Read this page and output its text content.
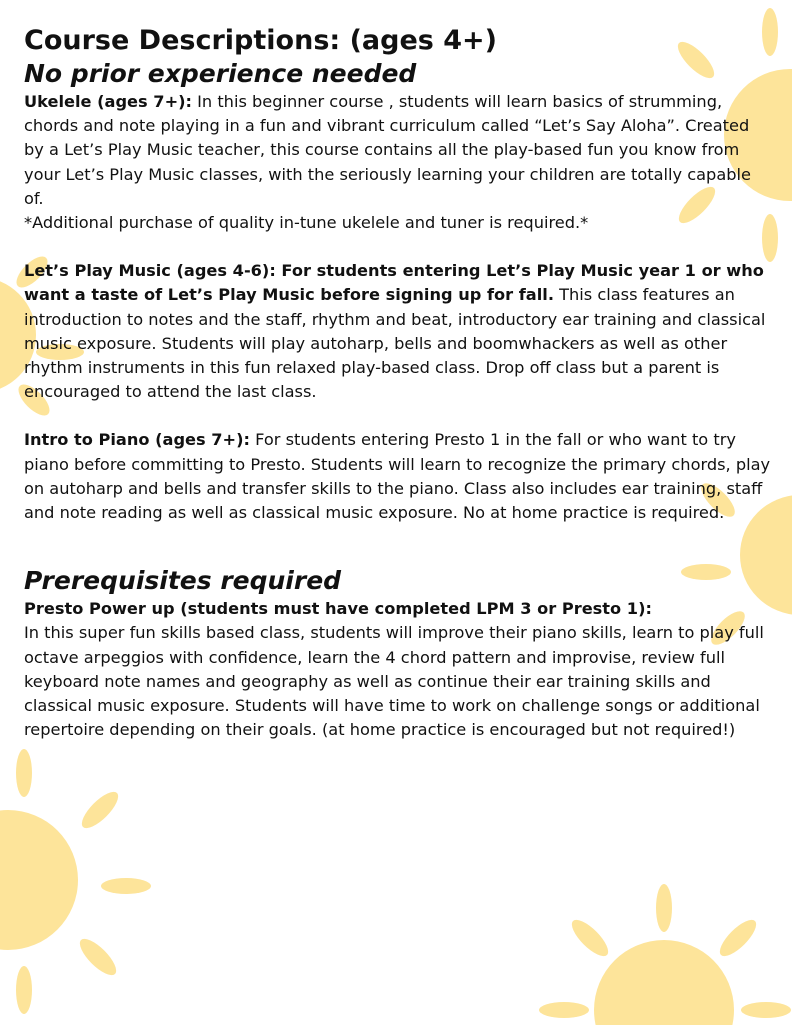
Course Descriptions: (ages 4+)
No prior experience needed

Ukelele (ages 7+): In this beginner course , students will learn basics of strumming, chords and note playing in a fun and vibrant curriculum called “Let’s Say Aloha”. Created by a Let’s Play Music teacher, this course contains all the play-based fun you know from your Let’s Play Music classes, with the seriously learning your children are totally capable of.

*Additional purchase of quality in-tune ukelele and tuner is required.*

Let’s Play Music (ages 4-6): For students entering Let’s Play Music year 1 or who want a taste of Let’s Play Music before signing up for fall. This class features an introduction to notes and the staff, rhythm and beat, introductory ear training and classical music exposure. Students will play autoharp, bells and boomwhackers as well as other rhythm instruments in this fun relaxed play-based class. Drop off class but a parent is encouraged to attend the last class.

Intro to Piano (ages 7+): For students entering Presto 1 in the fall or who want to try piano before committing to Presto. Students will learn to recognize the primary chords, play on autoharp and bells and transfer skills to the piano. Class also includes ear training, staff and note reading as well as classical music exposure. No at home practice is required.

Prerequisites required

Presto Power up (students must have completed LPM 3 or Presto 1):

In this super fun skills based class, students will improve their piano skills, learn to play full octave arpeggios with confidence, learn the 4 chord pattern and improvise, review full keyboard note names and geography as well as continue their ear training skills and classical music exposure. Students will have time to work on challenge songs or additional repertoire depending on their goals. (at home practice is encouraged but not required!)
